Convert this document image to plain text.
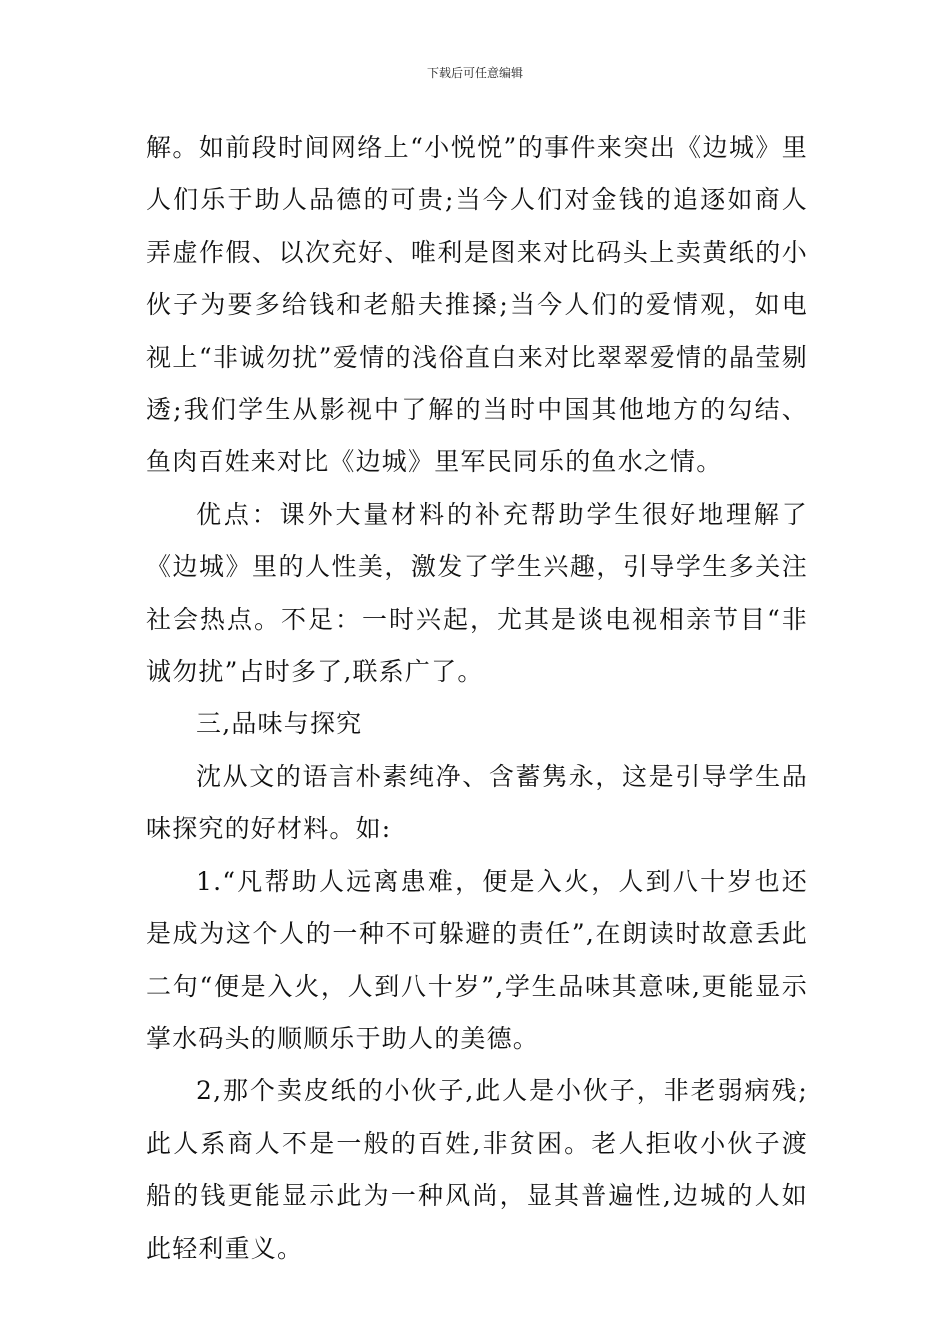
下载后可任意编辑

解。如前段时间网络上“小悦悦”的事件来突出《边城》里人们乐于助人品德的可贵;当今人们对金钱的追逐如商人弄虚作假、以次充好、唯利是图来对比码头上卖黄纸的小伙子为要多给钱和老船夫推搡;当今人们的爱情观，如电视上“非诚勿扰”爱情的浅俗直白来对比翠翠爱情的晶莹剔透;我们学生从影视中了解的当时中国其他地方的勾结、鱼肉百姓来对比《边城》里军民同乐的鱼水之情。

优点：课外大量材料的补充帮助学生很好地理解了《边城》里的人性美，激发了学生兴趣，引导学生多关注社会热点。不足：一时兴起，尤其是谈电视相亲节目“非诚勿扰”占时多了,联系广了。

三,品味与探究

沈从文的语言朴素纯净、含蓄隽永，这是引导学生品味探究的好材料。如:

1.“凡帮助人远离患难，便是入火，人到八十岁也还是成为这个人的一种不可躲避的责任”,在朗读时故意丢此二句“便是入火，人到八十岁”,学生品味其意味,更能显示掌水码头的顺顺乐于助人的美德。

2,那个卖皮纸的小伙子,此人是小伙子，非老弱病残;此人系商人不是一般的百姓,非贫困。老人拒收小伙子渡船的钱更能显示此为一种风尚，显其普遍性,边城的人如此轻利重义。
